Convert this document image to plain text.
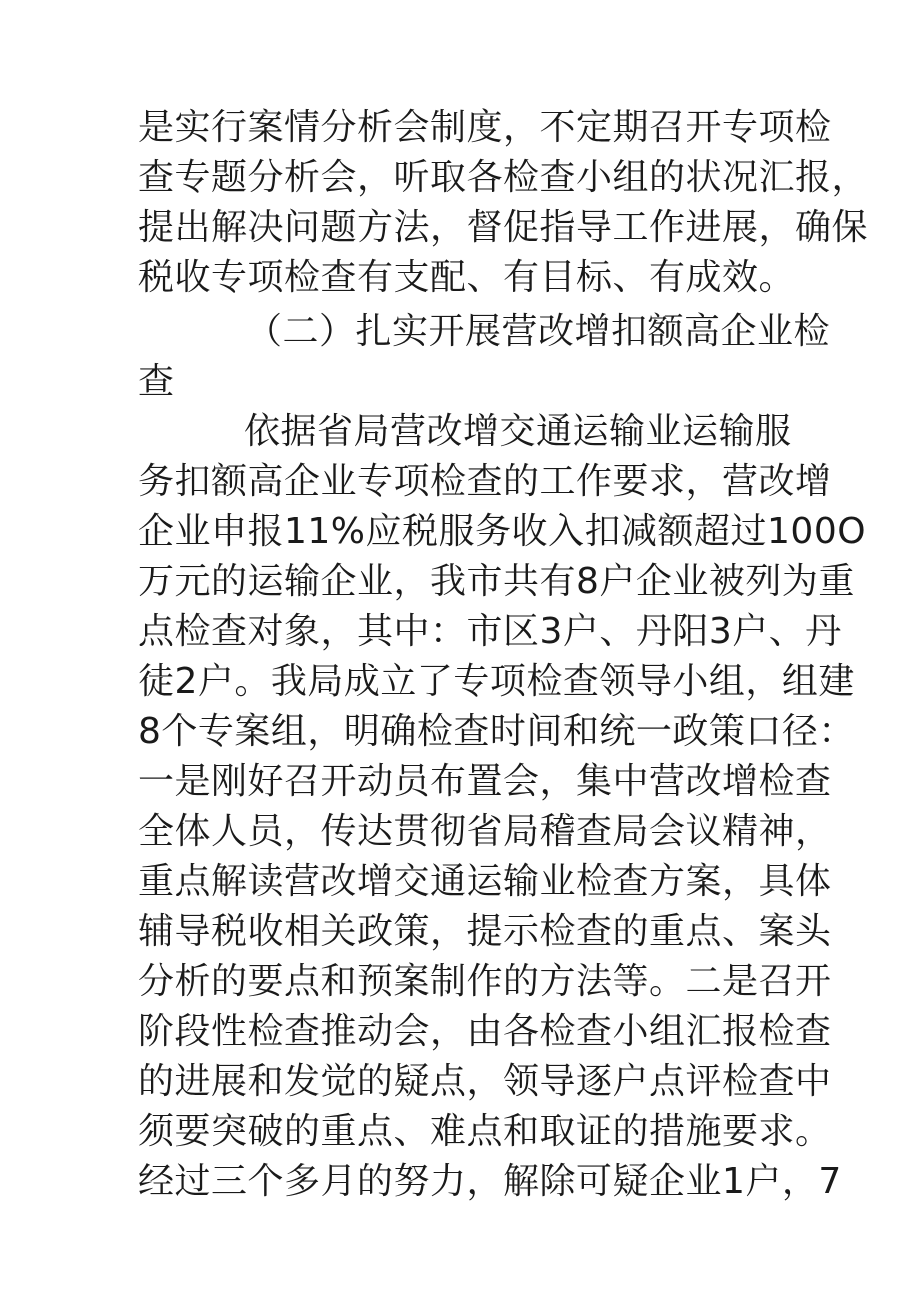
是实行案情分析会制度，不定期召开专项检
查专题分析会，听取各检查小组的状况汇报，
提出解决问题方法，督促指导工作进展，确保
税收专项检查有支配、有目标、有成效。
（二）扎实开展营改增扣额高企业检
查
依据省局营改增交通运输业运输服
务扣额高企业专项检查的工作要求，营改增
企业申报11%应税服务收入扣减额超过100O
万元的运输企业，我市共有8户企业被列为重
点检查对象，其中：市区3户、丹阳3户、丹
徒2户。我局成立了专项检查领导小组，组建
8个专案组，明确检查时间和统一政策口径：
一是刚好召开动员布置会，集中营改增检查
全体人员，传达贯彻省局稽查局会议精神，
重点解读营改增交通运输业检查方案，具体
辅导税收相关政策，提示检查的重点、案头
分析的要点和预案制作的方法等。二是召开
阶段性检查推动会，由各检查小组汇报检查
的进展和发觉的疑点，领导逐户点评检查中
须要突破的重点、难点和取证的措施要求。
经过三个多月的努力，解除可疑企业1户，7
